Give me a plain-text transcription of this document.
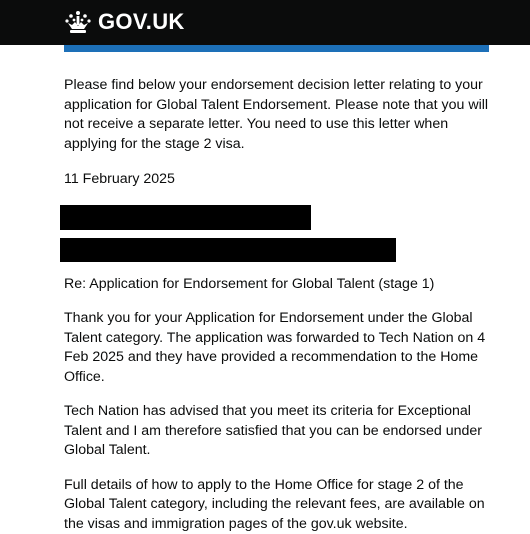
GOV.UK

Please find below your endorsement decision letter relating to your application for Global Talent Endorsement. Please note that you will not receive a separate letter. You need to use this letter when applying for the stage 2 visa.

11 February 2025

Re: Application for Endorsement for Global Talent (stage 1)

Thank you for your Application for Endorsement under the Global Talent category. The application was forwarded to Tech Nation on 4 Feb 2025 and they have provided a recommendation to the Home Office.

Tech Nation has advised that you meet its criteria for Exceptional Talent and I am therefore satisfied that you can be endorsed under Global Talent.

Full details of how to apply to the Home Office for stage 2 of the Global Talent category, including the relevant fees, are available on the visas and immigration pages of the gov.uk website.
